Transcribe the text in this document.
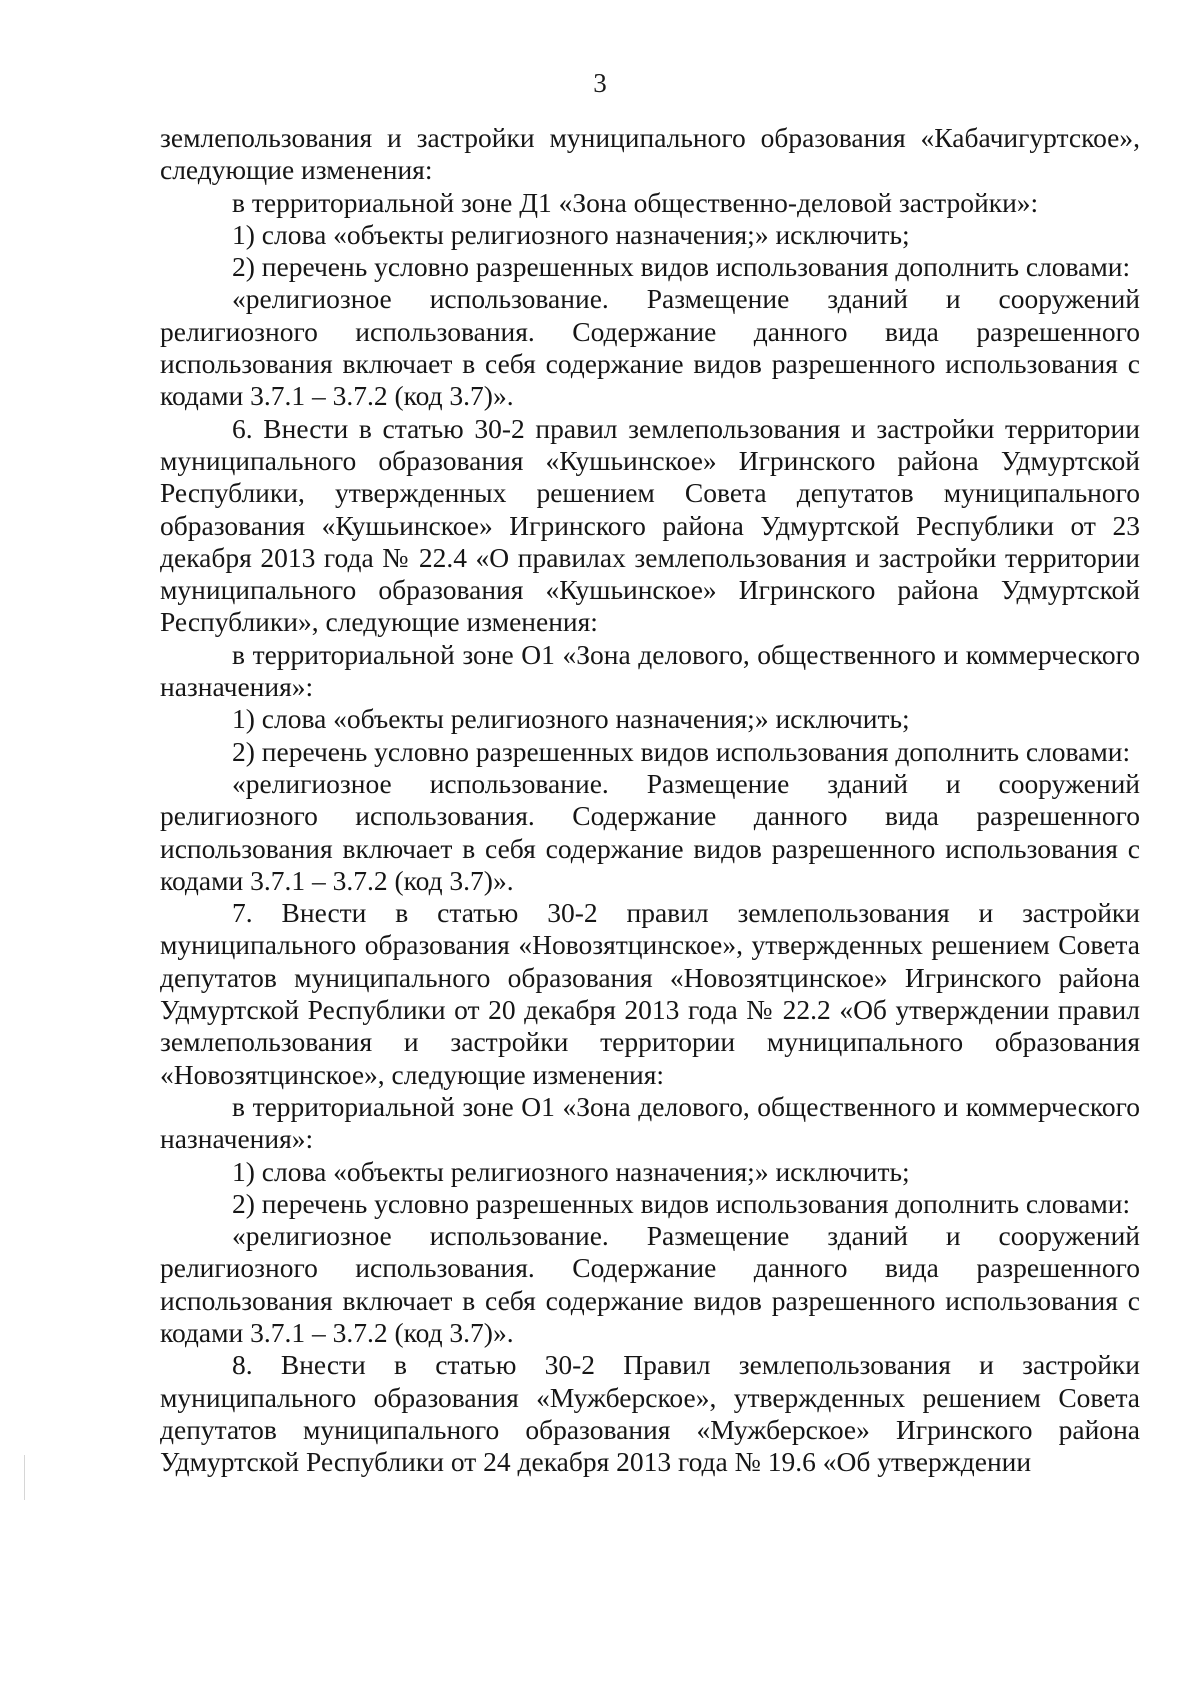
3

землепользования и застройки муниципального образования «Кабачигуртское», следующие изменения:

в территориальной зоне Д1 «Зона общественно-деловой застройки»:

1) слова «объекты религиозного назначения;» исключить;

2) перечень условно разрешенных видов использования дополнить словами:

«религиозное использование. Размещение зданий и сооружений религиозного использования. Содержание данного вида разрешенного использования включает в себя содержание видов разрешенного использования с кодами 3.7.1 – 3.7.2 (код 3.7)».

6. Внести в статью 30-2 правил землепользования и застройки территории муниципального образования «Кушьинское» Игринского района Удмуртской Республики, утвержденных решением Совета депутатов муниципального образования «Кушьинское» Игринского района Удмуртской Республики от 23 декабря 2013 года № 22.4 «О правилах землепользования и застройки территории муниципального образования «Кушьинское» Игринского района Удмуртской Республики», следующие изменения:

в территориальной зоне О1 «Зона делового, общественного и коммерческого назначения»:

1) слова «объекты религиозного назначения;» исключить;

2) перечень условно разрешенных видов использования дополнить словами:

«религиозное использование. Размещение зданий и сооружений религиозного использования. Содержание данного вида разрешенного использования включает в себя содержание видов разрешенного использования с кодами 3.7.1 – 3.7.2 (код 3.7)».

7. Внести в статью 30-2 правил землепользования и застройки муниципального образования «Новозятцинское», утвержденных решением Совета депутатов муниципального образования «Новозятцинское» Игринского района Удмуртской Республики от 20 декабря 2013 года № 22.2 «Об утверждении правил землепользования и застройки территории муниципального образования «Новозятцинское», следующие изменения:

в территориальной зоне О1 «Зона делового, общественного и коммерческого назначения»:

1) слова «объекты религиозного назначения;» исключить;

2) перечень условно разрешенных видов использования дополнить словами:

«религиозное использование. Размещение зданий и сооружений религиозного использования. Содержание данного вида разрешенного использования включает в себя содержание видов разрешенного использования с кодами 3.7.1 – 3.7.2 (код 3.7)».

8. Внести в статью 30-2 Правил землепользования и застройки муниципального образования «Мужберское», утвержденных решением Совета депутатов муниципального образования «Мужберское» Игринского района Удмуртской Республики от 24 декабря 2013 года № 19.6 «Об утверждении
